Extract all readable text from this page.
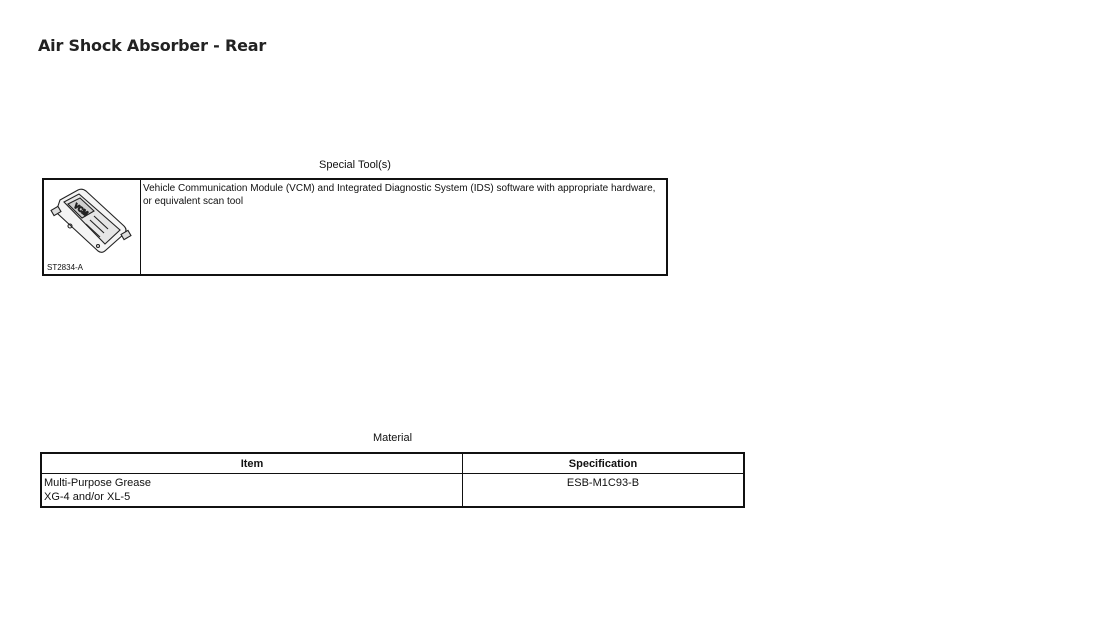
Air Shock Absorber - Rear
Special Tool(s)
VCM
ST2834-A
	Vehicle Communication Module (VCM) and Integrated Diagnostic System (IDS) software with appropriate hardware, or equivalent scan tool
Material
Item	Specification

Multi-Purpose Grease
XG-4 and/or XL-5	ESB-M1C93-B
